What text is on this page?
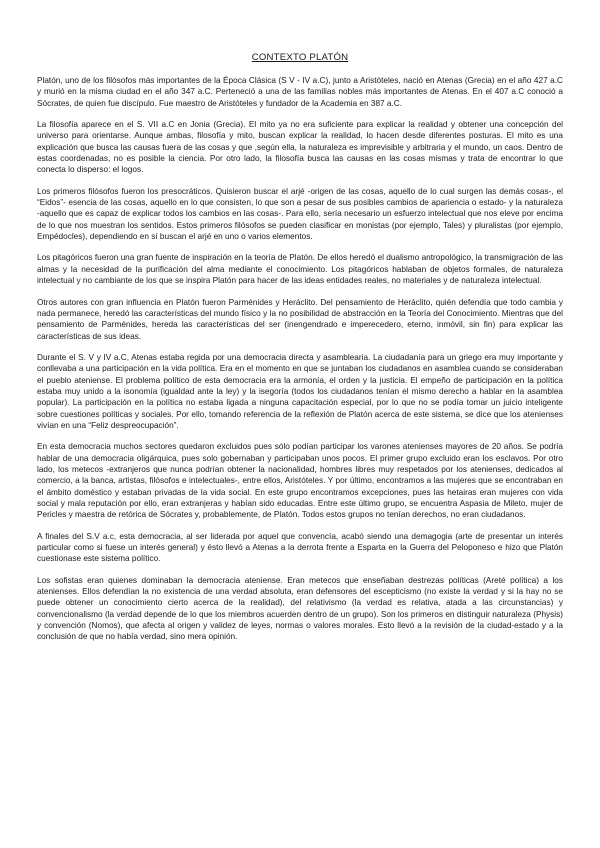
CONTEXTO PLATÓN

Platón, uno de los filósofos más importantes de la Época Clásica (S V - IV a.C), junto a Aristóteles, nació en Atenas (Grecia) en el año 427 a.C y murió en la misma ciudad en el año 347 a.C. Perteneció a una de las familias nobles más importantes de Atenas. En el 407 a.C conoció a Sócrates, de quien fue discípulo. Fue maestro de Aristóteles y fundador de la Academia en 387 a.C.

La filosofía aparece en el S. VII a.C en Jonia (Grecia). El mito ya no era suficiente para explicar la realidad y obtener una concepción del universo para orientarse. Aunque ambas, filosofía y mito, buscan explicar la realidad, lo hacen desde diferentes posturas. El mito es una explicación que busca las causas fuera de las cosas y que ,según ella, la naturaleza es imprevisible y arbitraria y el mundo, un caos. Dentro de estas coordenadas, no es posible la ciencia. Por otro lado, la filosofía busca las causas en las cosas mismas y trata de encontrar lo que conecta lo disperso: el logos.

Los primeros filósofos fueron los presocráticos. Quisieron buscar el arjé -origen de las cosas, aquello de lo cual surgen las demás cosas-, el “Eidos”- esencia de las cosas, aquello en lo que consisten, lo que son a pesar de sus posibles cambios de apariencia o estado- y la naturaleza -aquello que es capaz de explicar todos los cambios en las cosas-. Para ello, sería necesario un esfuerzo intelectual que nos eleve por encima de lo que nos muestran los sentidos. Estos primeros filósofos se pueden clasificar en monistas (por ejemplo, Tales) y pluralistas (por ejemplo, Empédocles), dependiendo en sí buscan el arjé en uno o varios elementos.

Los pitagóricos fueron una gran fuente de inspiración en la teoría de Platón. De ellos heredó el dualismo antropológico, la transmigración de las almas y la necesidad de la purificación del alma mediante el conocimiento. Los pitagóricos hablaban de objetos formales, de naturaleza intelectual y no cambiante de los que se inspira Platón para hacer de las ideas entidades reales, no materiales y de naturaleza intelectual.

Otros autores con gran influencia en Platón fueron Parménides y Heráclito. Del pensamiento de Heráclito, quién defendía que todo cambia y nada permanece, heredó las características del mundo físico y la no posibilidad de abstracción en la Teoría del Conocimiento. Mientras que del pensamiento de Parménides, hereda las características del ser (inengendrado e imperecedero, eterno, inmóvil, sin fin) para explicar las características de sus ideas.

Durante el S. V y IV a.C, Atenas estaba regida por una democracia directa y asamblearia. La ciudadanía para un griego era muy importante y conllevaba a una participación en la vida política. Era en el momento en que se juntaban los ciudadanos en asamblea cuando se consideraban el pueblo ateniense. El problema político de esta democracia era la armonía, el orden y la justicia. El empeño de participación en la política estaba muy unido a la isonomía (igualdad ante la ley) y la isegoría (todos los ciudadanos tenían el mismo derecho a hablar en la asamblea popular). La participación en la política no estaba ligada a ninguna capacitación especial, por lo que no se podía tomar un juicio inteligente sobre cuestiones políticas y sociales. Por ello, tomando referencia de la reflexión de Platón acerca de este sistema, se dice que los atenienses vivían en una “Feliz despreocupación”.

En esta democracia muchos sectores quedaron excluidos pues sólo podían participar los varones atenienses mayores de 20 años. Se podría hablar de una democracia oligárquica, pues solo gobernaban y participaban unos pocos. El primer grupo excluido eran los esclavos. Por otro lado, los metecos -extranjeros que nunca podrían obtener la nacionalidad, hombres libres muy respetados por los atenienses, dedicados al comercio, a la banca, artistas, filósofos e intelectuales-, entre ellos, Aristóteles. Y por último, encontramos a las mujeres que se encontraban en el ámbito doméstico y estaban privadas de la vida social. En este grupo encontramos excepciones, pues las hetairas eran mujeres con vida social y mala reputación por ello, eran extranjeras y habían sido educadas. Entre este último grupo, se encuentra Aspasia de Mileto, mujer de Pericles y maestra de retórica de Sócrates y, probablemente, de Platón. Todos estos grupos no tenían derechos, no eran ciudadanos.

A finales del S.V a.c, esta democracia, al ser liderada por aquel que convencía, acabó siendo una demagogia (arte de presentar un interés particular como si fuese un interés general) y ésto llevó a Atenas a la derrota frente a Esparta en la Guerra del Peloponeso e hizo que Platón cuestionase este sistema político.

Los sofistas eran quienes dominaban la democracia ateniense. Eran metecos que enseñaban destrezas políticas (Areté política) a los atenienses. Ellos defendían la no existencia de una verdad absoluta, eran defensores del escepticismo (no existe la verdad y si la hay no se puede obtener un conocimiento cierto acerca de la realidad), del relativismo (la verdad es relativa, atada a las circunstancias) y convencionalismo (la verdad depende de lo que los miembros acuerden dentro de un grupo). Son los primeros en distinguir naturaleza (Physis) y convención (Nomos), que afecta al origen y validez de leyes, normas o valores morales. Esto llevó a la revisión de la ciudad-estado y a la conclusión de que no había verdad, sino mera opinión.
